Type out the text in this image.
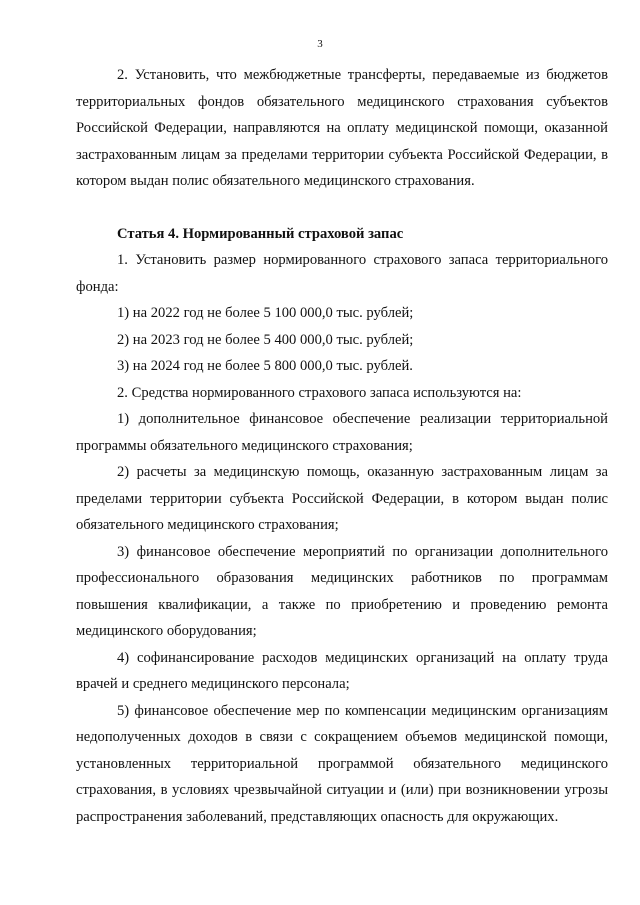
3

2. Установить, что межбюджетные трансферты, передаваемые из бюджетов территориальных фондов обязательного медицинского страхования субъектов Российской Федерации, направляются на оплату медицинской помощи, оказанной застрахованным лицам за пределами территории субъекта Российской Федерации, в котором выдан полис обязательного медицинского страхования.

Статья 4. Нормированный страховой запас

1. Установить размер нормированного страхового запаса территориального фонда:

1) на 2022 год не более 5 100 000,0 тыс. рублей;

2) на 2023 год не более 5 400 000,0 тыс. рублей;

3) на 2024 год не более 5 800 000,0 тыс. рублей.

2. Средства нормированного страхового запаса используются на:

1) дополнительное финансовое обеспечение реализации территориальной программы обязательного медицинского страхования;

2) расчеты за медицинскую помощь, оказанную застрахованным лицам за пределами территории субъекта Российской Федерации, в котором выдан полис обязательного медицинского страхования;

3) финансовое обеспечение мероприятий по организации дополнительного профессионального образования медицинских работников по программам повышения квалификации, а также по приобретению и проведению ремонта медицинского оборудования;

4) софинансирование расходов медицинских организаций на оплату труда врачей и среднего медицинского персонала;

5) финансовое обеспечение мер по компенсации медицинским организациям недополученных доходов в связи с сокращением объемов медицинской помощи, установленных территориальной программой обязательного медицинского страхования, в условиях чрезвычайной ситуации и (или) при возникновении угрозы распространения заболеваний, представляющих опасность для окружающих.
